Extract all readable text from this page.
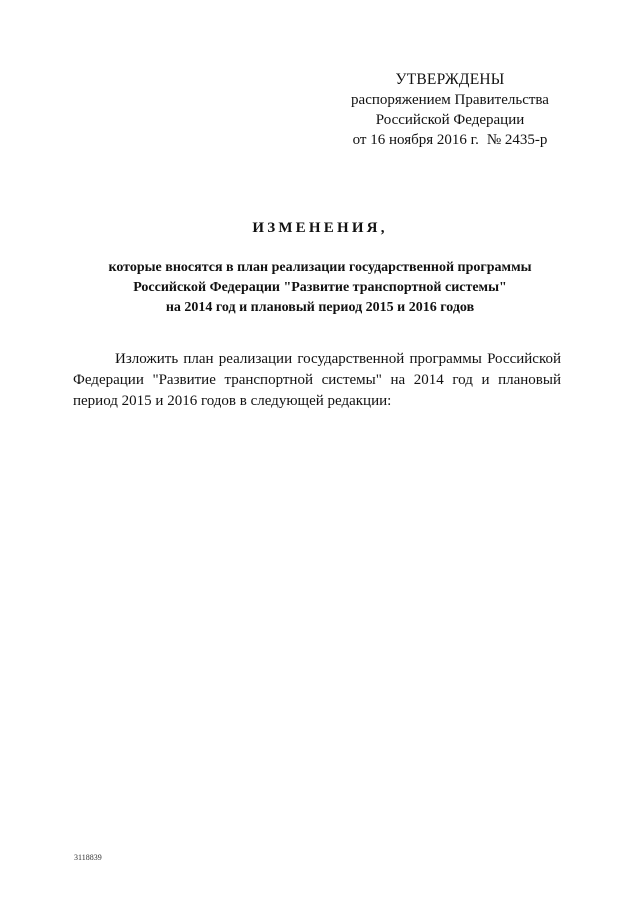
УТВЕРЖДЕНЫ
распоряжением Правительства
Российской Федерации
от 16 ноября 2016 г. № 2435-р
ИЗМЕНЕНИЯ,
которые вносятся в план реализации государственной программы
Российской Федерации "Развитие транспортной системы"
на 2014 год и плановый период 2015 и 2016 годов
Изложить план реализации государственной программы Российской
Федерации "Развитие транспортной системы" на 2014 год и плановый
период 2015 и 2016 годов в следующей редакции:
3118839
